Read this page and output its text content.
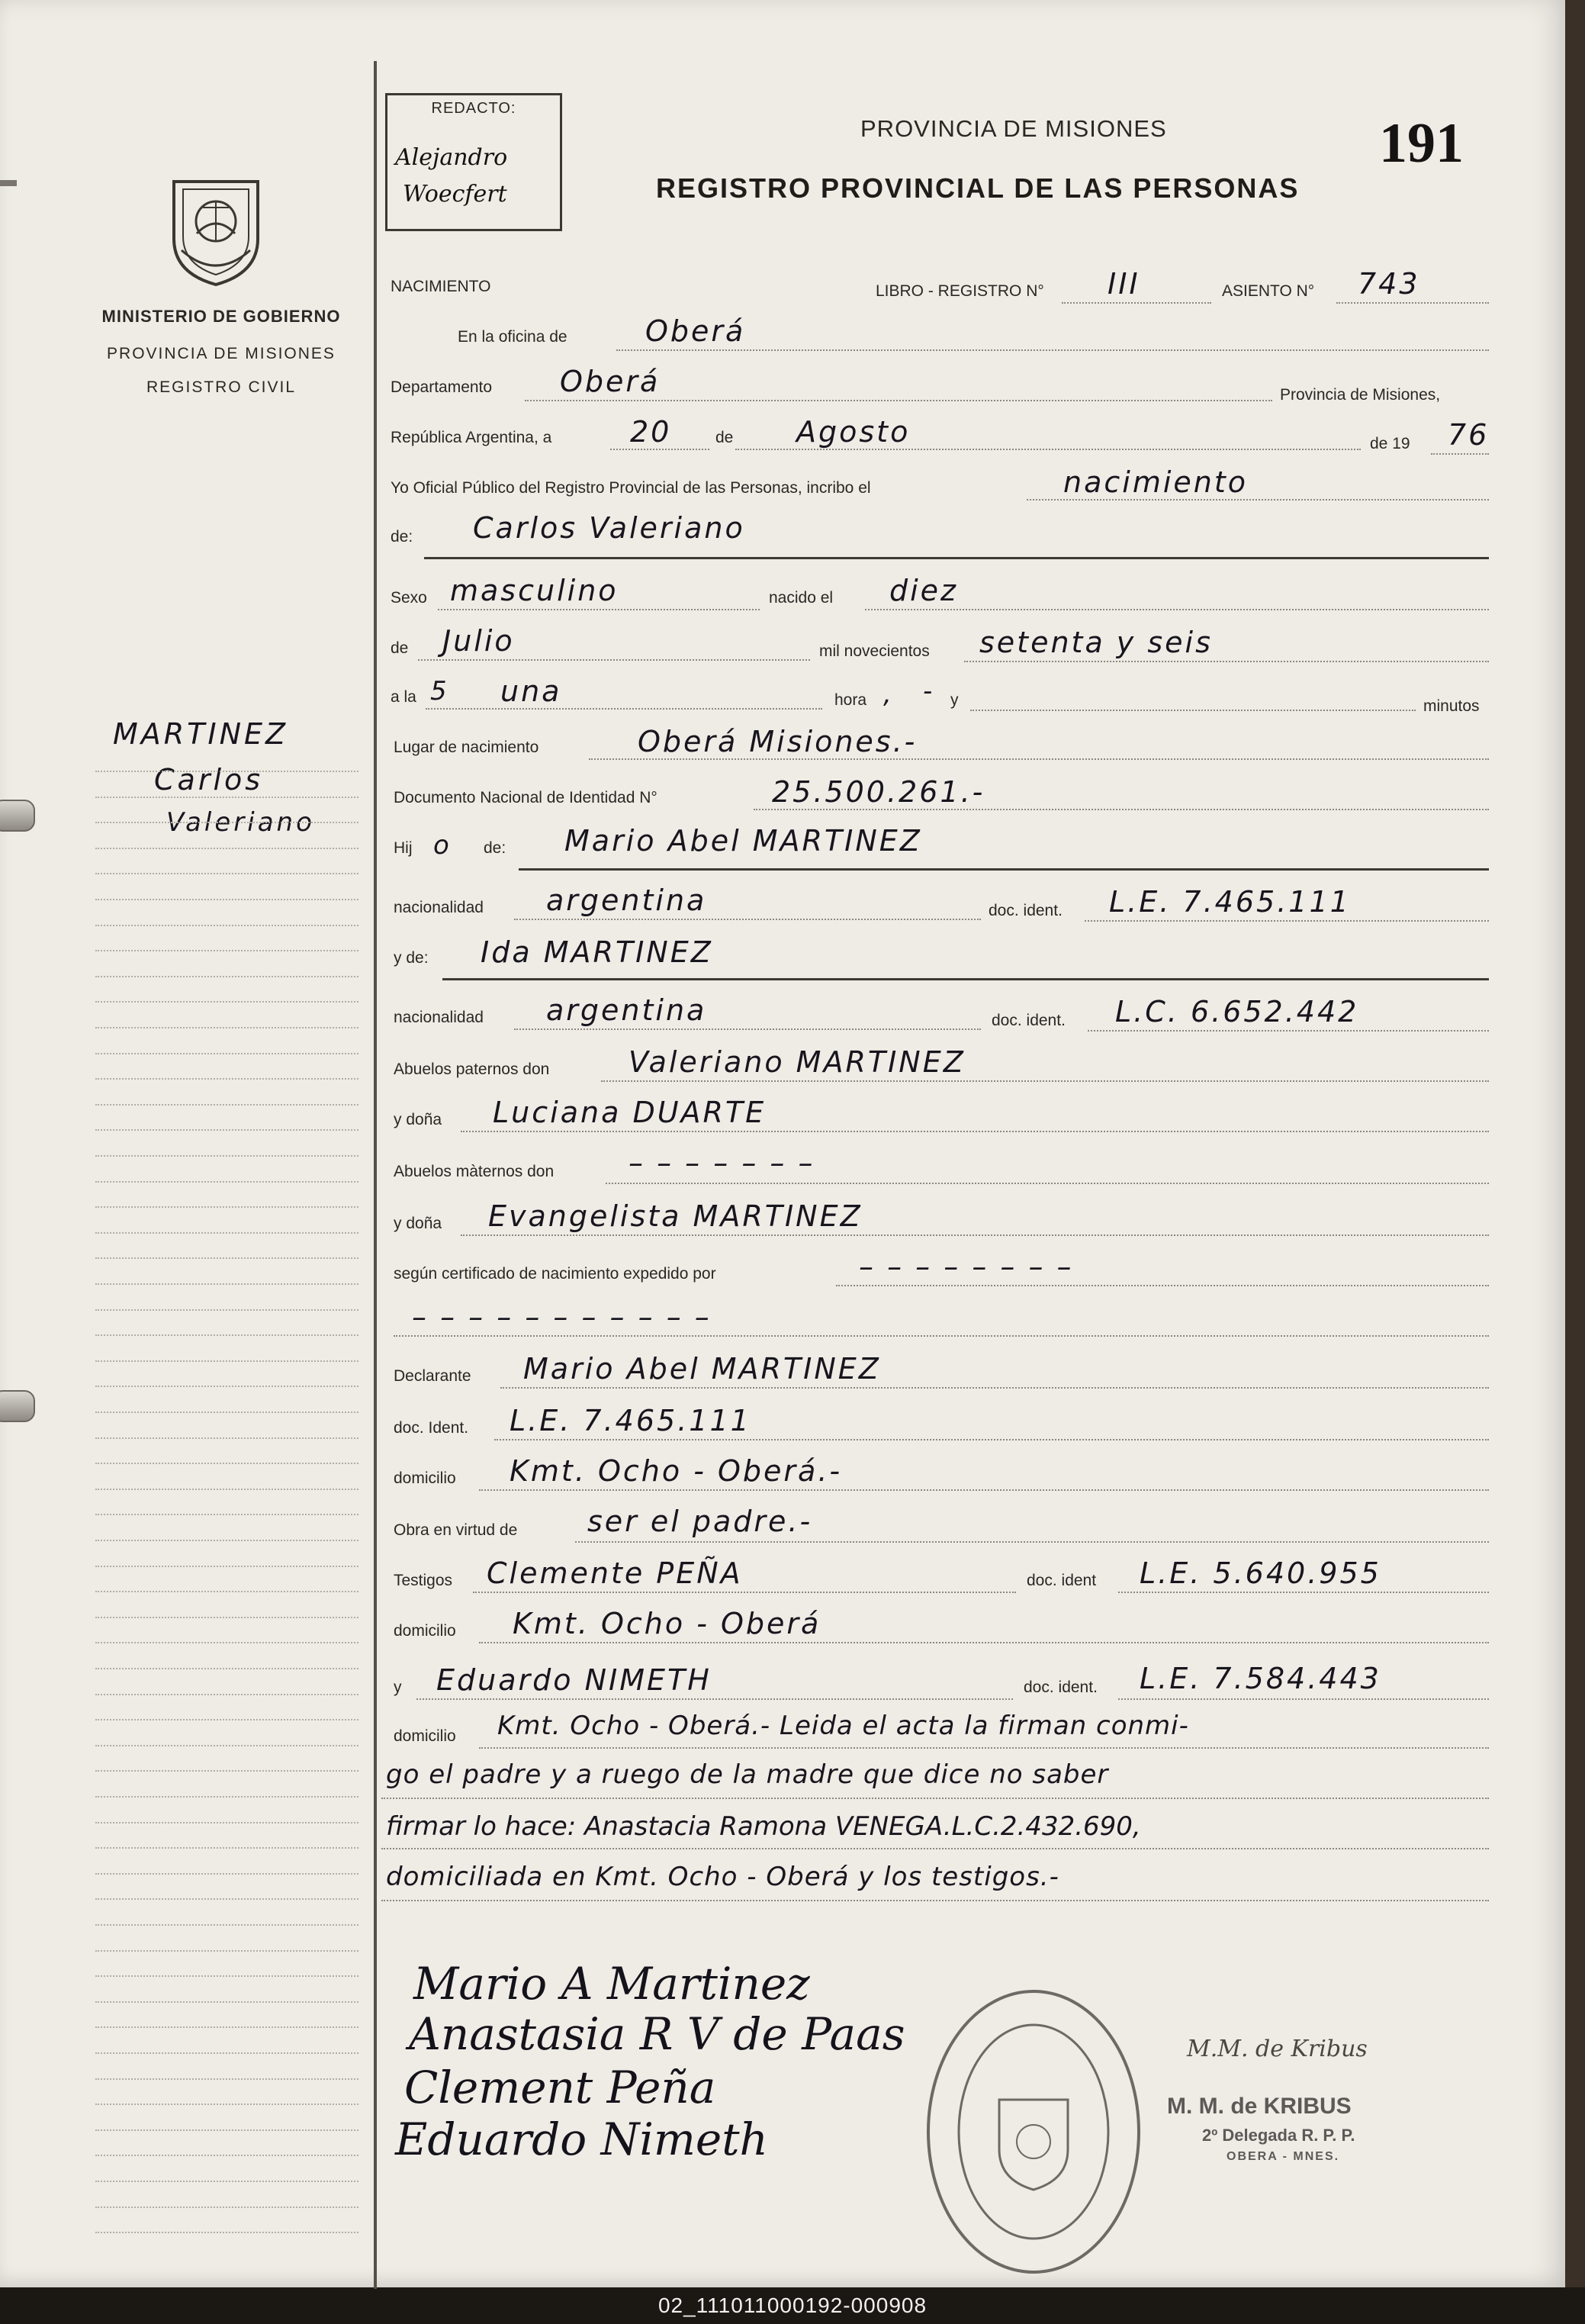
MINISTERIO DE GOBIERNO
PROVINCIA DE MISIONES
REGISTRO CIVIL
MARTINEZ
Carlos
Valeriano
REDACTO:
Alejandro
Woecfert
PROVINCIA DE MISIONES
REGISTRO PROVINCIAL DE LAS PERSONAS
191
NACIMIENTO	LIBRO - REGISTRO N° III	ASIENTO N° 743
En la oficina de	Oberá
Departamento Oberá	Provincia de Misiones,
República Argentina, a	20	de Agosto	de 19 76
Yo Oficial Público del Registro Provincial de las Personas, incribo el	nacimiento
de: Carlos Valeriano
Sexo masculino	nacido el diez
de Julio	mil novecientos setenta y seis
a la 5 una	hora , - y	minutos
Lugar de nacimiento	Oberá Misiones.-
Documento Nacional de Identidad N°	25.500.261.-
Hij o de: Mario Abel MARTINEZ
nacionalidad argentina	doc. ident. L.E. 7.465.111
y de: Ida MARTINEZ
nacionalidad argentina	doc. ident. L.C. 6.652.442
Abuelos paternos don	Valeriano MARTINEZ
y doña Luciana DUARTE
Abuelos màternos don	– – – – – – –
y doña Evangelista MARTINEZ
según certificado de nacimiento expedido por	– – – – – – – –
– – – – – – – – – – –
Declarante Mario Abel MARTINEZ
doc. Ident. L.E. 7.465.111
domicilio Kmt. Ocho - Oberá.-
Obra en virtud de ser el padre.-
Testigos Clemente PEÑA	doc. ident L.E. 5.640.955
domicilio Kmt. Ocho - Oberá
y Eduardo NIMETH	doc. ident. L.E. 7.584.443
domicilio Kmt. Ocho - Oberá.- Leida el acta la firman conmi-
go el padre y a ruego de la madre que dice no saber
firmar lo hace: Anastacia Ramona VENEGA.L.C.2.432.690,
domiciliada en Kmt. Ocho - Oberá y los testigos.-
Mario A Martinez
Anastasia R V de Paas
Clement Peña
Eduardo Nimeth
M.M. de Kribus
M. M. de KRIBUS
2º Delegada R. P. P.
OBERA - MNES.
02_111011000192-000908
